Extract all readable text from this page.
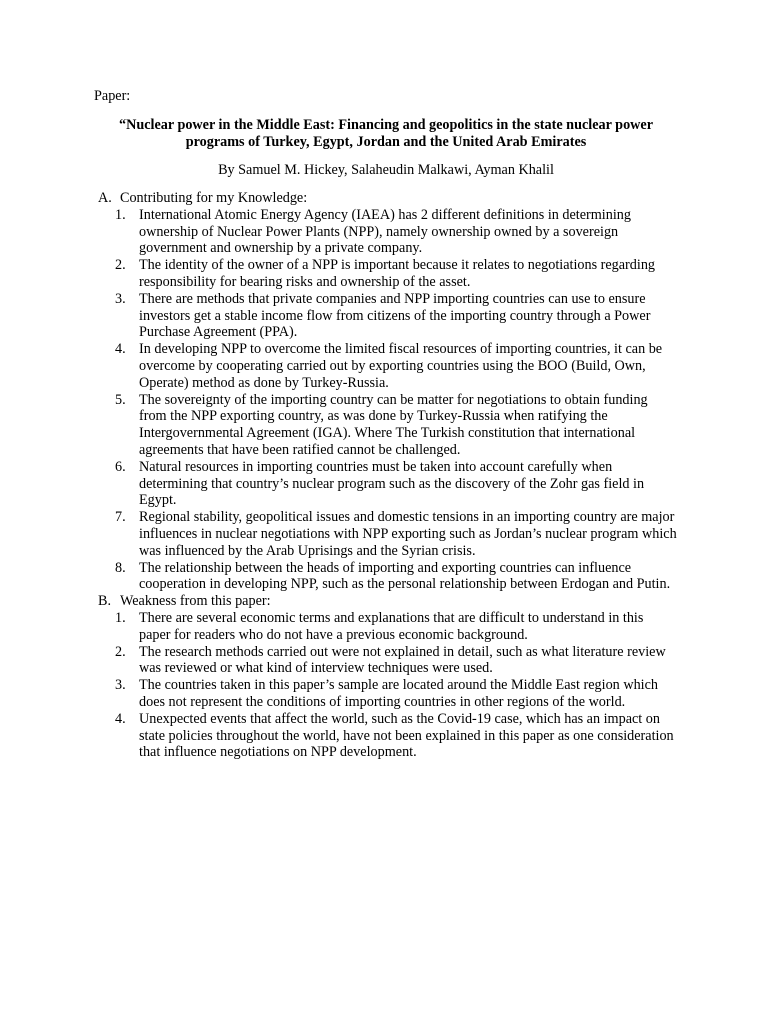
Paper:

“Nuclear power in the Middle East: Financing and geopolitics in the state nuclear power programs of Turkey, Egypt, Jordan and the United Arab Emirates

By Samuel M. Hickey, Salaheudin Malkawi, Ayman Khalil

A. Contributing for my Knowledge:
1. International Atomic Energy Agency (IAEA) has 2 different definitions in determining ownership of Nuclear Power Plants (NPP), namely ownership owned by a sovereign government and ownership by a private company.
2. The identity of the owner of a NPP is important because it relates to negotiations regarding responsibility for bearing risks and ownership of the asset.
3. There are methods that private companies and NPP importing countries can use to ensure investors get a stable income flow from citizens of the importing country through a Power Purchase Agreement (PPA).
4. In developing NPP to overcome the limited fiscal resources of importing countries, it can be overcome by cooperating carried out by exporting countries using the BOO (Build, Own, Operate) method as done by Turkey-Russia.
5. The sovereignty of the importing country can be matter for negotiations to obtain funding from the NPP exporting country, as was done by Turkey-Russia when ratifying the Intergovernmental Agreement (IGA). Where The Turkish constitution that international agreements that have been ratified cannot be challenged.
6. Natural resources in importing countries must be taken into account carefully when determining that country’s nuclear program such as the discovery of the Zohr gas field in Egypt.
7. Regional stability, geopolitical issues and domestic tensions in an importing country are major influences in nuclear negotiations with NPP exporting such as Jordan’s nuclear program which was influenced by the Arab Uprisings and the Syrian crisis.
8. The relationship between the heads of importing and exporting countries can influence cooperation in developing NPP, such as the personal relationship between Erdogan and Putin.
B. Weakness from this paper:
1. There are several economic terms and explanations that are difficult to understand in this paper for readers who do not have a previous economic background.
2. The research methods carried out were not explained in detail, such as what literature review was reviewed or what kind of interview techniques were used.
3. The countries taken in this paper’s sample are located around the Middle East region which does not represent the conditions of importing countries in other regions of the world.
4. Unexpected events that affect the world, such as the Covid-19 case, which has an impact on state policies throughout the world, have not been explained in this paper as one consideration that influence negotiations on NPP development.
